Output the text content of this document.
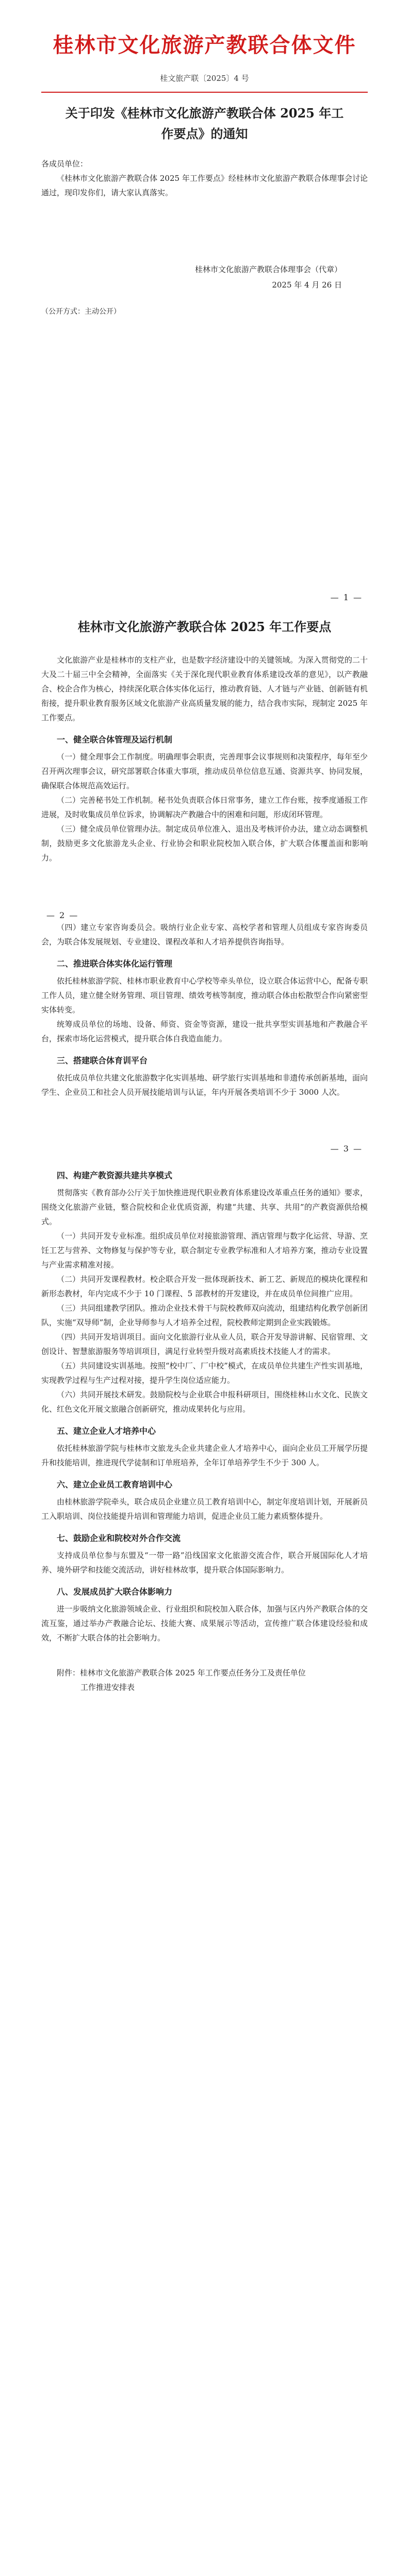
桂林市文化旅游产教联合体文件
桂文旅产联〔2025〕4 号
关于印发《桂林市文化旅游产教联合体 2025 年工作要点》的通知

各成员单位：

《桂林市文化旅游产教联合体 2025 年工作要点》经桂林市文化旅游产教联合体理事会讨论通过，现印发你们，请大家认真落实。

桂林市文化旅游产教联合体理事会（代章）
2025 年 4 月 26 日
（公开方式：主动公开）
— 1 —
桂林市文化旅游产教联合体 2025 年工作要点

文化旅游产业是桂林市的支柱产业，也是数字经济建设中的关键领域。为深入贯彻党的二十大及二十届三中全会精神，全面落实《关于深化现代职业教育体系建设改革的意见》，以产教融合、校企合作为核心，持续深化联合体实体化运行，推动教育链、人才链与产业链、创新链有机衔接，提升职业教育服务区域文化旅游产业高质量发展的能力，结合我市实际，现制定 2025 年工作要点。

一、健全联合体管理及运行机制

（一）健全理事会工作制度。明确理事会职责，完善理事会议事规则和决策程序，每年至少召开两次理事会议，研究部署联合体重大事项，推动成员单位信息互通、资源共享、协同发展，确保联合体规范高效运行。

（二）完善秘书处工作机制。秘书处负责联合体日常事务，建立工作台账，按季度通报工作进展，及时收集成员单位诉求，协调解决产教融合中的困难和问题，形成闭环管理。

（三）健全成员单位管理办法。制定成员单位准入、退出及考核评价办法，建立动态调整机制，鼓励更多文化旅游龙头企业、行业协会和职业院校加入联合体，扩大联合体覆盖面和影响力。

— 2 —

（四）建立专家咨询委员会。吸纳行业企业专家、高校学者和管理人员组成专家咨询委员会，为联合体发展规划、专业建设、课程改革和人才培养提供咨询指导。

二、推进联合体实体化运行管理

依托桂林旅游学院、桂林市职业教育中心学校等牵头单位，设立联合体运营中心，配备专职工作人员，建立健全财务管理、项目管理、绩效考核等制度，推动联合体由松散型合作向紧密型实体转变。

统筹成员单位的场地、设备、师资、资金等资源，建设一批共享型实训基地和产教融合平台，探索市场化运营模式，提升联合体自我造血能力。

三、搭建联合体育训平台

依托成员单位共建文化旅游数字化实训基地、研学旅行实训基地和非遗传承创新基地，面向学生、企业员工和社会人员开展技能培训与认证，年内开展各类培训不少于 3000 人次。

— 3 —
四、构建产教资源共建共享模式

贯彻落实《教育部办公厅关于加快推进现代职业教育体系建设改革重点任务的通知》要求，围绕文化旅游产业链，整合院校和企业优质资源，构建“共建、共享、共用”的产教资源供给模式。

（一）共同开发专业标准。组织成员单位对接旅游管理、酒店管理与数字化运营、导游、烹饪工艺与营养、文物修复与保护等专业，联合制定专业教学标准和人才培养方案，推动专业设置与产业需求精准对接。

（二）共同开发课程教材。校企联合开发一批体现新技术、新工艺、新规范的模块化课程和新形态教材，年内完成不少于 10 门课程、5 部教材的开发建设，并在成员单位间推广应用。

（三）共同组建教学团队。推动企业技术骨干与院校教师双向流动，组建结构化教学创新团队，实施“双导师”制，企业导师参与人才培养全过程，院校教师定期到企业实践锻炼。

（四）共同开发培训项目。面向文化旅游行业从业人员，联合开发导游讲解、民宿管理、文创设计、智慧旅游服务等培训项目，满足行业转型升级对高素质技术技能人才的需求。

（五）共同建设实训基地。按照“校中厂、厂中校”模式，在成员单位共建生产性实训基地，实现教学过程与生产过程对接，提升学生岗位适应能力。

（六）共同开展技术研发。鼓励院校与企业联合申报科研项目，围绕桂林山水文化、民族文化、红色文化开展文旅融合创新研究，推动成果转化与应用。

五、建立企业人才培养中心

依托桂林旅游学院与桂林市文旅龙头企业共建企业人才培养中心，面向企业员工开展学历提升和技能培训，推进现代学徒制和订单班培养，全年订单培养学生不少于 300 人。

六、建立企业员工教育培训中心

由桂林旅游学院牵头，联合成员企业建立员工教育培训中心，制定年度培训计划，开展新员工入职培训、岗位技能提升培训和管理能力培训，促进企业员工能力素质整体提升。

七、鼓励企业和院校对外合作交流

支持成员单位参与东盟及“一带一路”沿线国家文化旅游交流合作，联合开展国际化人才培养、境外研学和技能交流活动，讲好桂林故事，提升联合体国际影响力。

八、发展成员扩大联合体影响力

进一步吸纳文化旅游领域企业、行业组织和院校加入联合体，加强与区内外产教联合体的交流互鉴，通过举办产教融合论坛、技能大赛、成果展示等活动，宣传推广联合体建设经验和成效，不断扩大联合体的社会影响力。

附件：桂林市文化旅游产教联合体 2025 年工作要点任务分工及责任单位

工作推进安排表
